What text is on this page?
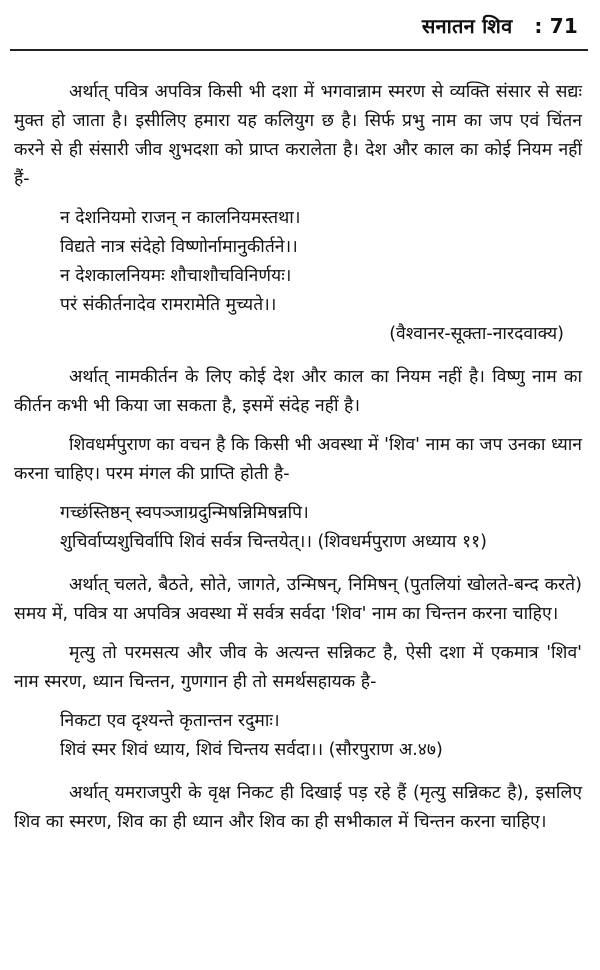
सनातन शिव : 71

अर्थात् पवित्र अपवित्र किसी भी दशा में भगवान्नाम स्मरण से व्यक्ति संसार से सद्यः मुक्त हो जाता है। इसीलिए हमारा यह कलियुग छ है। सिर्फ प्रभु नाम का जप एवं चिंतन करने से ही संसारी जीव शुभदशा को प्राप्त करालेता है। देश और काल का कोई नियम नहीं हैं-

न देशनियमो राजन् न कालनियमस्तथा।
विद्यते नात्र संदेहो विष्णोर्नामानुकीर्तने।।
न देशकालनियमः शौचाशौचविनिर्णयः।
परं संकीर्तनादेव रामरामेति मुच्यते।।
(वैश्वानर-सूक्ता-नारदवाक्य)

अर्थात् नामकीर्तन के लिए कोई देश और काल का नियम नहीं है। विष्णु नाम का कीर्तन कभी भी किया जा सकता है, इसमें संदेह नहीं है।

शिवधर्मपुराण का वचन है कि किसी भी अवस्था में 'शिव' नाम का जप उनका ध्यान करना चाहिए। परम मंगल की प्राप्ति होती है-

गच्छंस्तिष्ठन् स्वपञ्जाग्रदुन्मिषन्निमिषन्नपि।
शुचिर्वाप्यशुचिर्वापि शिवं सर्वत्र चिन्तयेत्।। (शिवधर्मपुराण अध्याय ११)

अर्थात् चलते, बैठते, सोते, जागते, उन्मिषन्, निमिषन् (पुतलियां खोलते-बन्द करते) समय में, पवित्र या अपवित्र अवस्था में सर्वत्र सर्वदा 'शिव' नाम का चिन्तन करना चाहिए।

मृत्यु तो परमसत्य और जीव के अत्यन्त सन्निकट है, ऐसी दशा में एकमात्र 'शिव' नाम स्मरण, ध्यान चिन्तन, गुणगान ही तो समर्थसहायक है-

निकटा एव दृश्यन्ते कृतान्तन रदुमाः।
शिवं स्मर शिवं ध्याय, शिवं चिन्तय सर्वदा।। (सौरपुराण अ.४७)

अर्थात् यमराजपुरी के वृक्ष निकट ही दिखाई पड़ रहे हैं (मृत्यु सन्निकट है), इसलिए शिव का स्मरण, शिव का ही ध्यान और शिव का ही सभीकाल में चिन्तन करना चाहिए।
